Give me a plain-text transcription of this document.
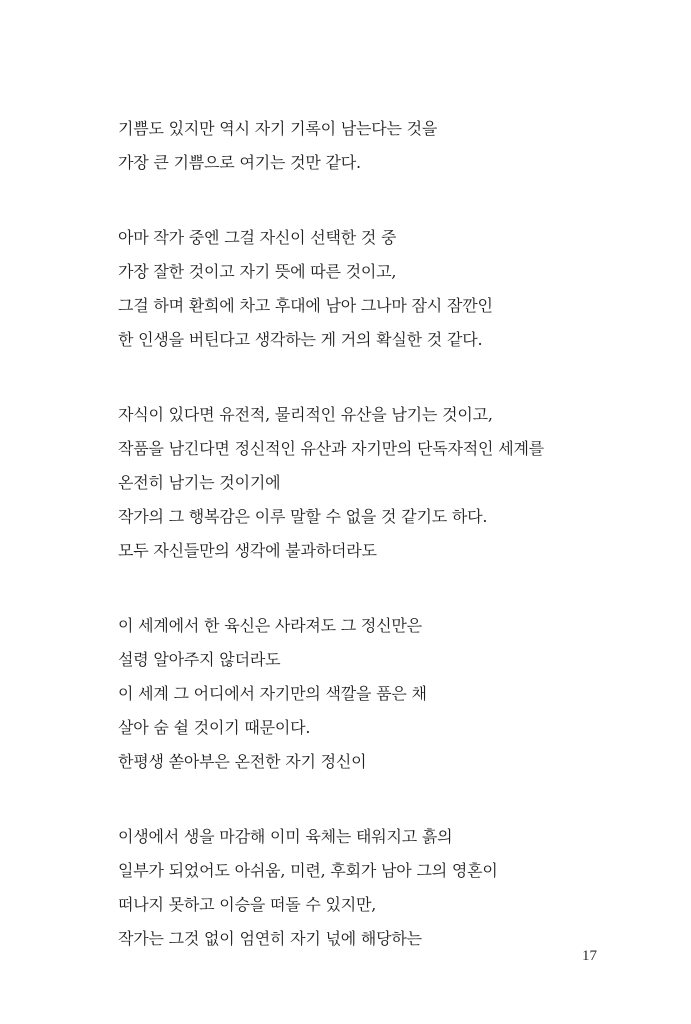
기쁨도 있지만 역시 자기 기록이 남는다는 것을
가장 큰 기쁨으로 여기는 것만 같다.
아마 작가 중엔 그걸 자신이 선택한 것 중
가장 잘한 것이고 자기 뜻에 따른 것이고,
그걸 하며 환희에 차고 후대에 남아 그나마 잠시 잠깐인
한 인생을 버틴다고 생각하는 게 거의 확실한 것 같다.
자식이 있다면 유전적, 물리적인 유산을 남기는 것이고,
작품을 남긴다면 정신적인 유산과 자기만의 단독자적인 세계를
온전히 남기는 것이기에
작가의 그 행복감은 이루 말할 수 없을 것 같기도 하다.
모두 자신들만의 생각에 불과하더라도
이 세계에서 한 육신은 사라져도 그 정신만은
설령 알아주지 않더라도
이 세계 그 어디에서 자기만의 색깔을 품은 채
살아 숨 쉴 것이기 때문이다.
한평생 쏟아부은 온전한 자기 정신이
이생에서 생을 마감해 이미 육체는 태워지고 흙의
일부가 되었어도 아쉬움, 미련, 후회가 남아 그의 영혼이
떠나지 못하고 이승을 떠돌 수 있지만,
작가는 그것 없이 엄연히 자기 넋에 해당하는
17
